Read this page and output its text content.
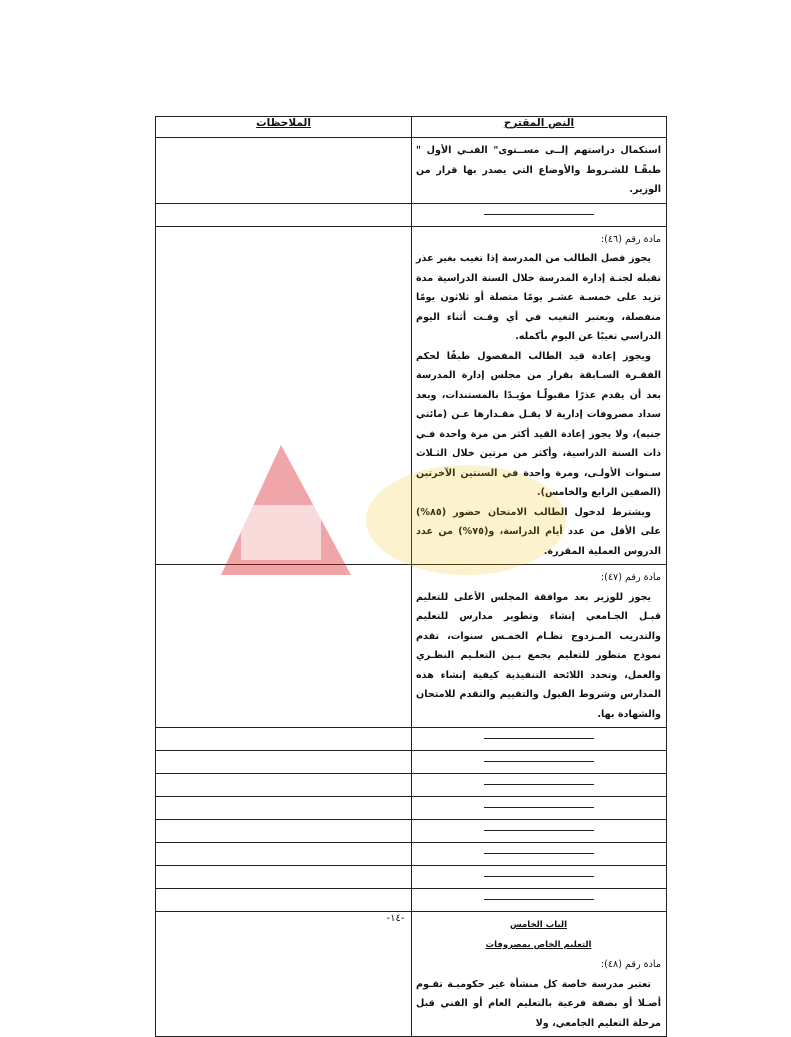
النص المقترح	الملاحظات

استكمال دراستهم إلــى مســتوى" الفنـي الأول " طبقًـا للشـروط والأوضاع التي يصدر بها قرار من الوزير.	

مادة رقم (٤٦):

يجوز فصل الطالب من المدرسة إذا تغيب بغير عذر تقبله لجنـة إدارة المدرسة خلال السنة الدراسية مدة تزيد على خمسـة عشـر يومًا متصلة أو ثلاثون يومًا منفصلة، ويعتبر التغيب في أي وقـت أثناء اليوم الدراسي تغيبًا عن اليوم بأكمله.

ويجوز إعادة قيد الطالب المفصول طبقًا لحكم الفقـرة السـابقة بقرار من مجلس إدارة المدرسة بعد أن يقدم عذرًا مقبولًـا مؤيـدًا بالمستندات، وبعد سداد مصروفات إدارية لا يقـل مقـدارها عـن (مائتي جنيه)، ولا يجوز إعادة القيد أكثر من مرة واحدة فـي ذات السنة الدراسية، وأكثر من مرتين خلال الثـلاث سـنوات الأولـى، ومرة واحدة في السنتين الآخرتين (الصفين الرابع والخامس).

ويشترط لدخول الطالب الامتحان حضور (٨٥%) على الأقل من عدد أيام الدراسة، و(٧٥%) من عدد الدروس العملية المقررة.	

مادة رقم (٤٧):

يجوز للوزير بعد موافقة المجلس الأعلى للتعليم قبـل الجـامعي إنشاء وتطوير مدارس للتعليم والتدريب المـزدوج نظـام الخمـس سنوات، تقدم نموذج متطور للتعليم يجمع بـين التعلـيم النظـري والعمل، وتحدد اللائحة التنفيذية كيفية إنشاء هذه المدارس وشروط القبول والتقييم والتقدم للامتحان والشهادة بها.	

الباب الخامس

التعليم الخاص بمصروفات

مادة رقم (٤٨):

تعتبر مدرسة خاصة كل منشأة غير حكوميـة تقـوم أصـلا أو بصفة فرعية بالتعليم العام أو الفني قبل مرحلة التعليم الجامعي، ولا	

EgyMoe
-١٤-
